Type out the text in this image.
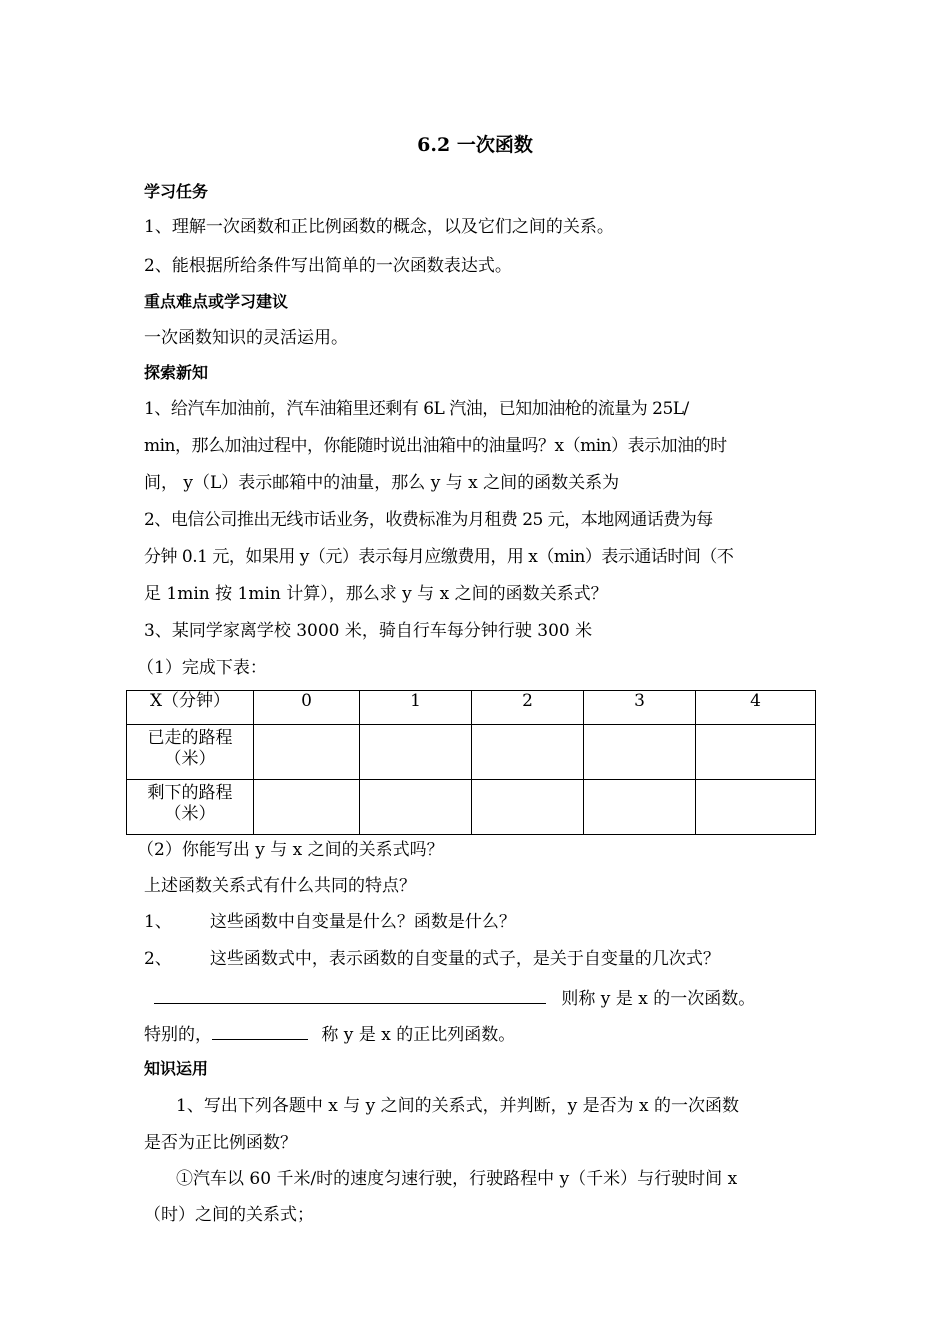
6.2 一次函数
学习任务
1、理解一次函数和正比例函数的概念，以及它们之间的关系。
2、能根据所给条件写出简单的一次函数表达式。
重点难点或学习建议
一次函数知识的灵活运用。
探索新知
1、给汽车加油前，汽车油箱里还剩有 6L 汽油，已知加油枪的流量为 25L/
min，那么加油过程中，你能随时说出油箱中的油量吗？x（min）表示加油的时
间， y（L）表示邮箱中的油量，那么 y 与 x 之间的函数关系为
2、电信公司推出无线市话业务，收费标准为月租费 25 元，本地网通话费为每
分钟 0.1 元，如果用 y（元）表示每月应缴费用，用 x（min）表示通话时间（不
足 1min 按 1min 计算），那么求 y 与 x 之间的函数关系式？
3、某同学家离学校 3000 米，骑自行车每分钟行驶 300 米
（1）完成下表：
X（分钟）	0	1	2	3	4

已走的路程
（米）					

剩下的路程
（米）					

（2）你能写出 y 与 x 之间的关系式吗？
上述函数关系式有什么共同的特点？
1、 这些函数中自变量是什么？函数是什么？
2、 这些函数式中，表示函数的自变量的式子，是关于自变量的几次式？
则称 y 是 x 的一次函数。
特别的，	称 y 是 x 的正比列函数。
知识运用
1、写出下列各题中 x 与 y 之间的关系式，并判断，y 是否为 x 的一次函数
是否为正比例函数？
①汽车以 60 千米/时的速度匀速行驶，行驶路程中 y（千米）与行驶时间 x
（时）之间的关系式；
